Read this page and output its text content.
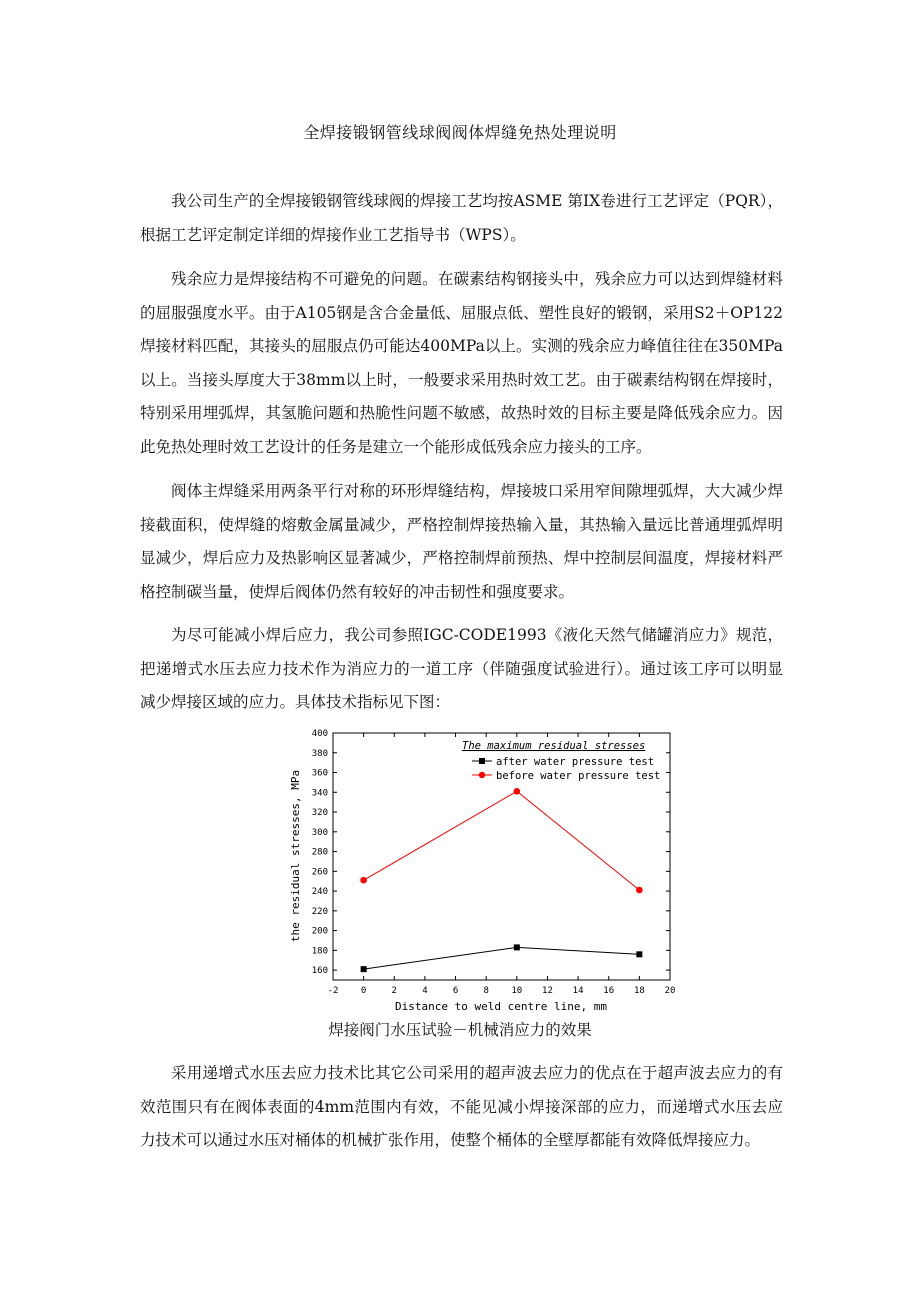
全焊接锻钢管线球阀阀体焊缝免热处理说明

我公司生产的全焊接锻钢管线球阀的焊接工艺均按ASME 第IX卷进行工艺评定（PQR），根据工艺评定制定详细的焊接作业工艺指导书（WPS）。

残余应力是焊接结构不可避免的问题。在碳素结构钢接头中，残余应力可以达到焊缝材料的屈服强度水平。由于A105钢是含合金量低、屈服点低、塑性良好的锻钢，采用S2＋OP122焊接材料匹配，其接头的屈服点仍可能达400MPa以上。实测的残余应力峰值往往在350MPa以上。当接头厚度大于38mm以上时，一般要求采用热时效工艺。由于碳素结构钢在焊接时，特别采用埋弧焊，其氢脆问题和热脆性问题不敏感，故热时效的目标主要是降低残余应力。因此免热处理时效工艺设计的任务是建立一个能形成低残余应力接头的工序。

阀体主焊缝采用两条平行对称的环形焊缝结构，焊接坡口采用窄间隙埋弧焊，大大减少焊接截面积，使焊缝的熔敷金属量减少，严格控制焊接热输入量，其热输入量远比普通埋弧焊明显减少，焊后应力及热影响区显著减少，严格控制焊前预热、焊中控制层间温度，焊接材料严格控制碳当量，使焊后阀体仍然有较好的冲击韧性和强度要求。

为尽可能减小焊后应力，我公司参照IGC-CODE1993《液化天然气储罐消应力》规范，把递增式水压去应力技术作为消应力的一道工序（伴随强度试验进行）。通过该工序可以明显减少焊接区域的应力。具体技术指标见下图：

-2	0	2	4	6	8	10 12 14 16 18 20
160
180
200
220
240
260
280
300
320
340
360
380
400
The maximum residual stresses
after water pressure test
before water pressure test
Distance to weld centre line, mm
the residual stresses, MPa
焊接阀门水压试验－机械消应力的效果

采用递增式水压去应力技术比其它公司采用的超声波去应力的优点在于超声波去应力的有效范围只有在阀体表面的4mm范围内有效，不能见减小焊接深部的应力，而递增式水压去应力技术可以通过水压对桶体的机械扩张作用，使整个桶体的全壁厚都能有效降低焊接应力。
